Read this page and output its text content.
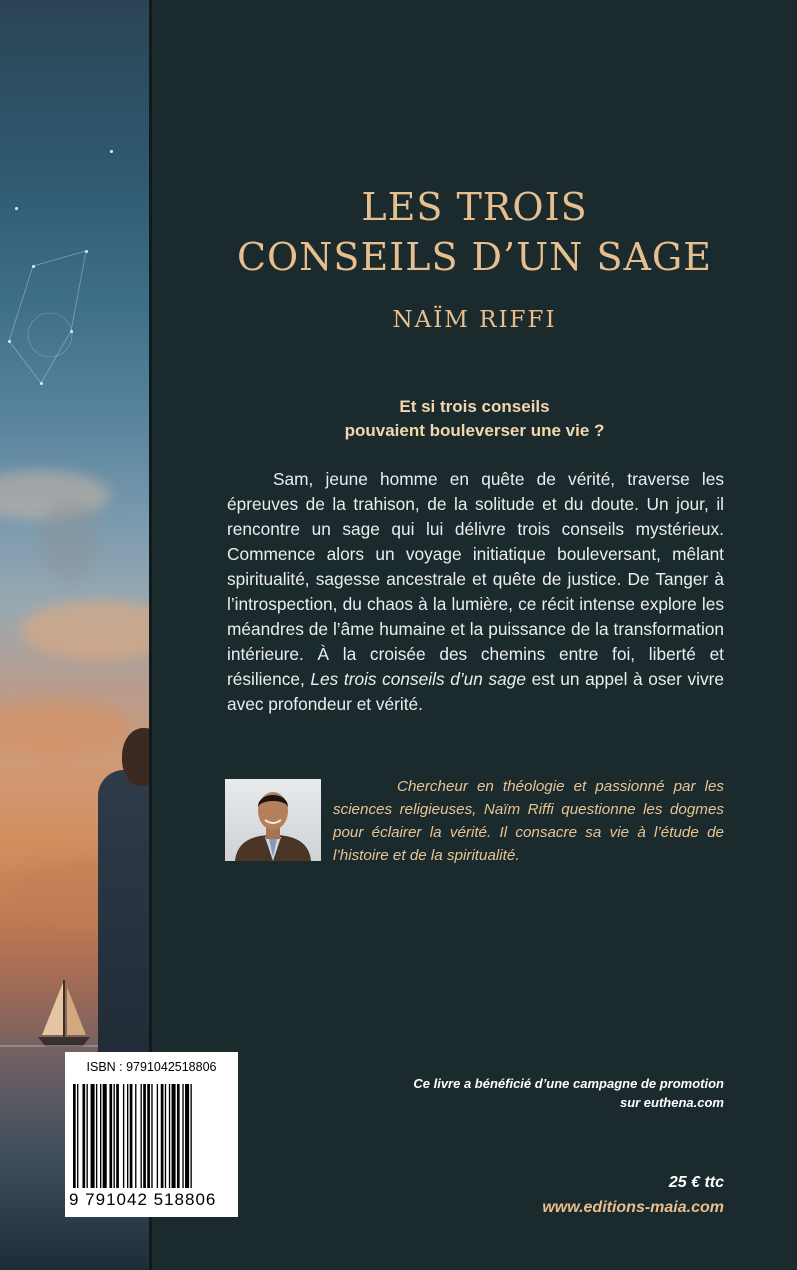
LES TROIS
CONSEILS D’UN SAGE

NAÏM RIFFI

Et si trois conseils

pouvaient bouleverser une vie ?

Sam, jeune homme en quête de vérité, traverse les épreuves de la trahison, de la solitude et du doute. Un jour, il rencontre un sage qui lui délivre trois conseils mystérieux. Commence alors un voyage initiatique bouleversant, mêlant spiritualité, sagesse ancestrale et quête de justice. De Tanger à l’introspection, du chaos à la lumière, ce récit intense explore les méandres de l’âme humaine et la puissance de la transformation intérieure. À la croisée des chemins entre foi, liberté et résilience, Les trois conseils d’un sage est un appel à oser vivre avec profondeur et vérité.

Chercheur en théologie et passionné par les sciences religieuses, Naïm Riffi questionne les dogmes pour éclairer la vérité. Il consacre sa vie à l’étude de l’histoire et de la spiritualité.

ISBN : 9791042518806
9 791042 518806

Ce livre a bénéficié d’une campagne de promotion
sur euthena.com

25 € ttc

www.editions-maia.com
